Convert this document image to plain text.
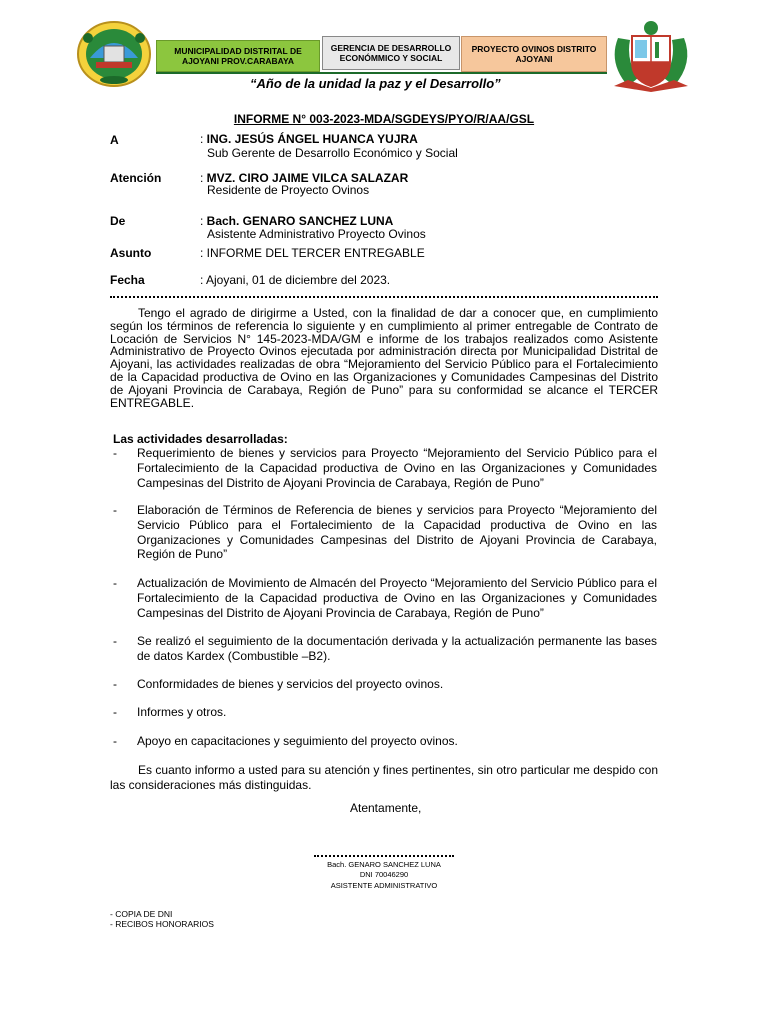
MUNICIPALIDAD DISTRITAL DE AJOYANI PROV.CARABAYA
GERENCIA DE DESARROLLO ECONÓMMICO Y SOCIAL
PROYECTO OVINOS DISTRITO AJOYANI
“Año de la unidad la paz y el Desarrollo”
INFORME N° 003-2023-MDA/SGDEYS/PYO/R/AA/GSL
A	: ING. JESÚS ÁNGEL HUANCA YUJRA
Sub Gerente de Desarrollo Económico y Social
Atención	: MVZ. CIRO JAIME VILCA SALAZAR
Residente de Proyecto Ovinos
De	: Bach. GENARO SANCHEZ LUNA
Asistente Administrativo Proyecto Ovinos
Asunto	: INFORME DEL TERCER ENTREGABLE
Fecha	: Ajoyani, 01 de diciembre del 2023.
Tengo el agrado de dirigirme a Usted, con la finalidad de dar a conocer que, en cumplimiento según los términos de referencia lo siguiente y en cumplimiento al primer entregable de Contrato de Locación de Servicios N° 145-2023-MDA/GM e informe de los trabajos realizados como Asistente Administrativo de Proyecto Ovinos ejecutada por administración directa por Municipalidad Distrital de Ajoyani, las actividades realizadas de obra “Mejoramiento del Servicio Público para el Fortalecimiento de la Capacidad productiva de Ovino en las Organizaciones y Comunidades Campesinas del Distrito de Ajoyani Provincia de Carabaya, Región de Puno” para su conformidad se alcance el TERCER ENTREGABLE.
Las actividades desarrolladas:
- Requerimiento de bienes y servicios para Proyecto “Mejoramiento del Servicio Público para el Fortalecimiento de la Capacidad productiva de Ovino en las Organizaciones y Comunidades Campesinas del Distrito de Ajoyani Provincia de Carabaya, Región de Puno”
- Elaboración de Términos de Referencia de bienes y servicios para Proyecto “Mejoramiento del Servicio Público para el Fortalecimiento de la Capacidad productiva de Ovino en las Organizaciones y Comunidades Campesinas del Distrito de Ajoyani Provincia de Carabaya, Región de Puno”
- Actualización de Movimiento de Almacén del Proyecto “Mejoramiento del Servicio Público para el Fortalecimiento de la Capacidad productiva de Ovino en las Organizaciones y Comunidades Campesinas del Distrito de Ajoyani Provincia de Carabaya, Región de Puno”
- Se realizó el seguimiento de la documentación derivada y la actualización permanente las bases de datos Kardex (Combustible –B2).
- Conformidades de bienes y servicios del proyecto ovinos.
- Informes y otros.
- Apoyo en capacitaciones y seguimiento del proyecto ovinos.
Es cuanto informo a usted para su atención y fines pertinentes, sin otro particular me despido con las consideraciones más distinguidas.
Atentamente,
Bach. GENARO SANCHEZ LUNA
DNI 70046290
ASISTENTE ADMINISTRATIVO
- COPIA DE DNI
- RECIBOS HONORARIOS
